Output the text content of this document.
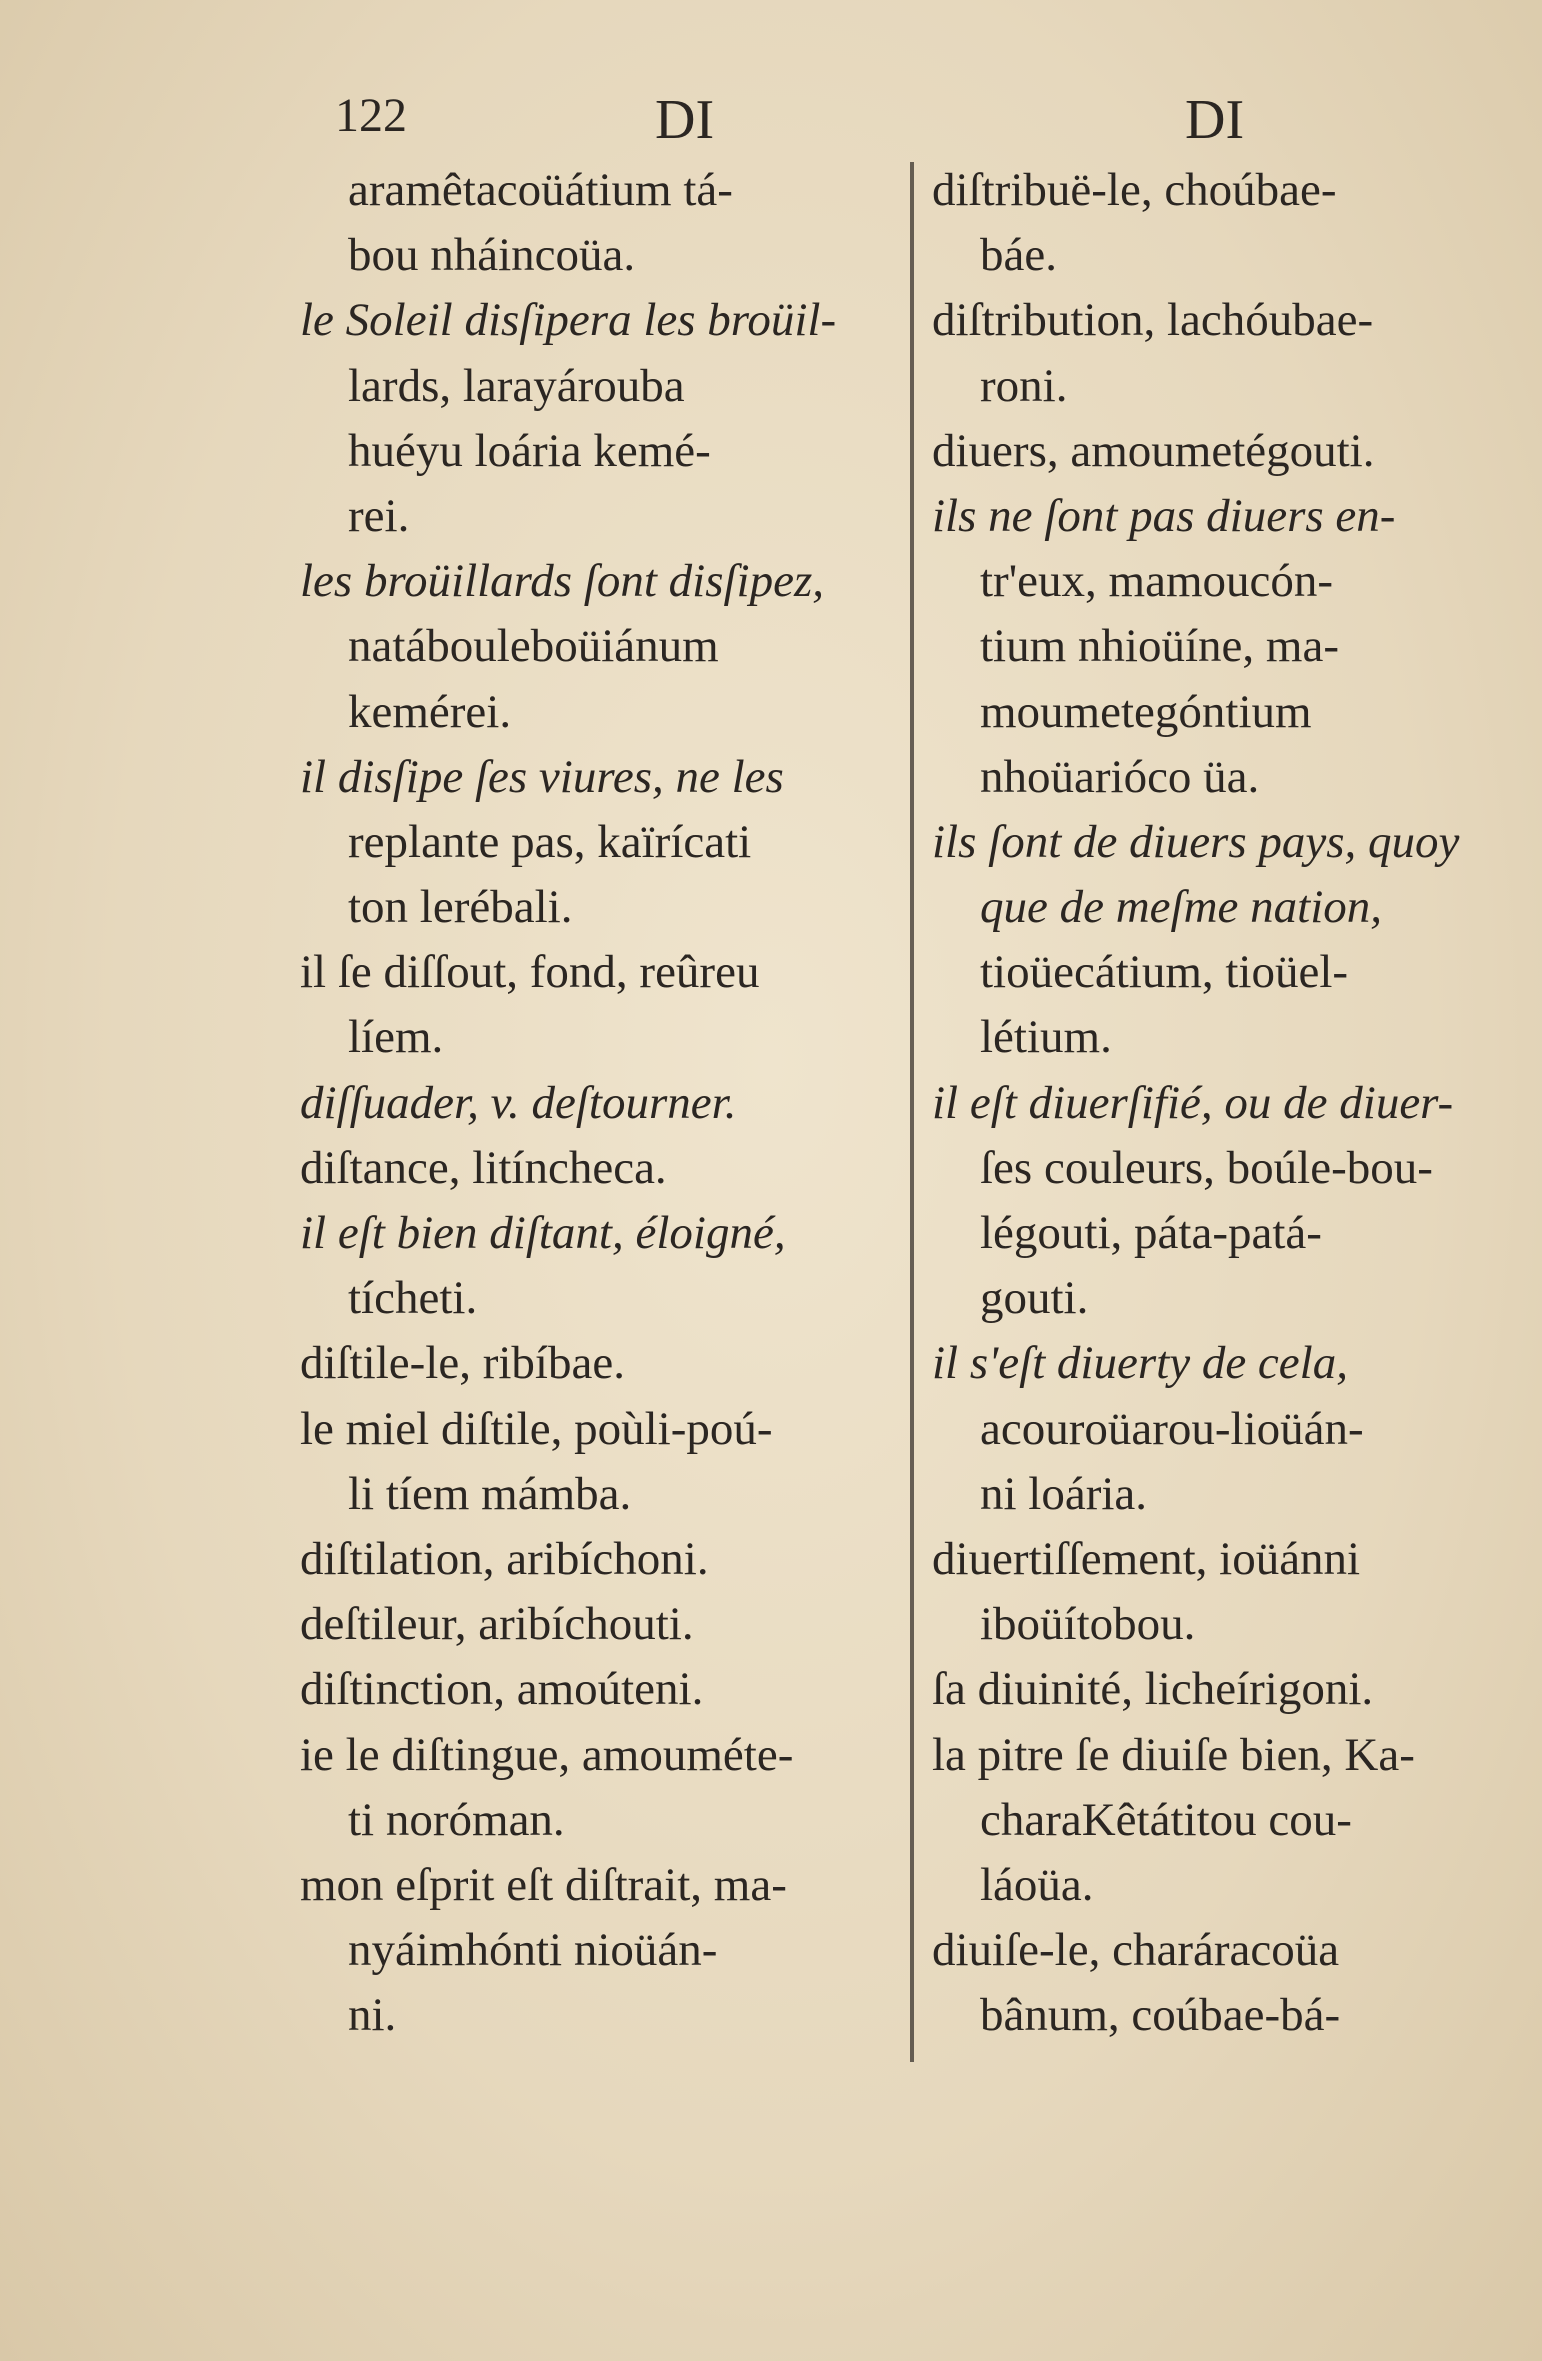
122	DI	DI
aramêtacoüátium tá-
bou nháincoüa.
le Soleil disſipera les broüil-
lards, larayárouba
huéyu loária kemé-
rei.
les broüillards ſont disſipez,
natábouleboüiánum
kemérei.
il disſipe ſes viures, ne les
replante pas, kaïrícati
ton lerébali.
il ſe diſſout, fond, reûreu
líem.
diſſuader, v. deſtourner.
diſtance, litíncheca.
il eſt bien diſtant, éloigné,
tícheti.
diſtile-le, ribíbae.
le miel diſtile, poùli-poú-
li tíem mámba.
diſtilation, aribíchoni.
deſtileur, aribíchouti.
diſtinction, amoúteni.
ie le diſtingue, amouméte-
ti noróman.
mon eſprit eſt diſtrait, ma-
nyáimhónti nioüán-
ni.
diſtribuë-le, choúbae-
báe.
diſtribution, lachóubae-
roni.
diuers, amoumetégouti.
ils ne ſont pas diuers en-
tr'eux, mamoucón-
tium nhioüíne, ma-
moumetegóntium
nhoüarióco üa.
ils ſont de diuers pays, quoy
que de meſme nation,
tioüecátium, tioüel-
létium.
il eſt diuerſifié, ou de diuer-
ſes couleurs, boúle-bou-
légouti, páta-patá-
gouti.
il s'eſt diuerty de cela,
acouroüarou-lioüán-
ni loária.
diuertiſſement, ioüánni
iboüítobou.
ſa diuinité, licheírigoni.
la pitre ſe diuiſe bien, Ka-
charaKêtátitou cou-
láoüa.
diuiſe-le, charáracoüa
bânum, coúbae-bá-
